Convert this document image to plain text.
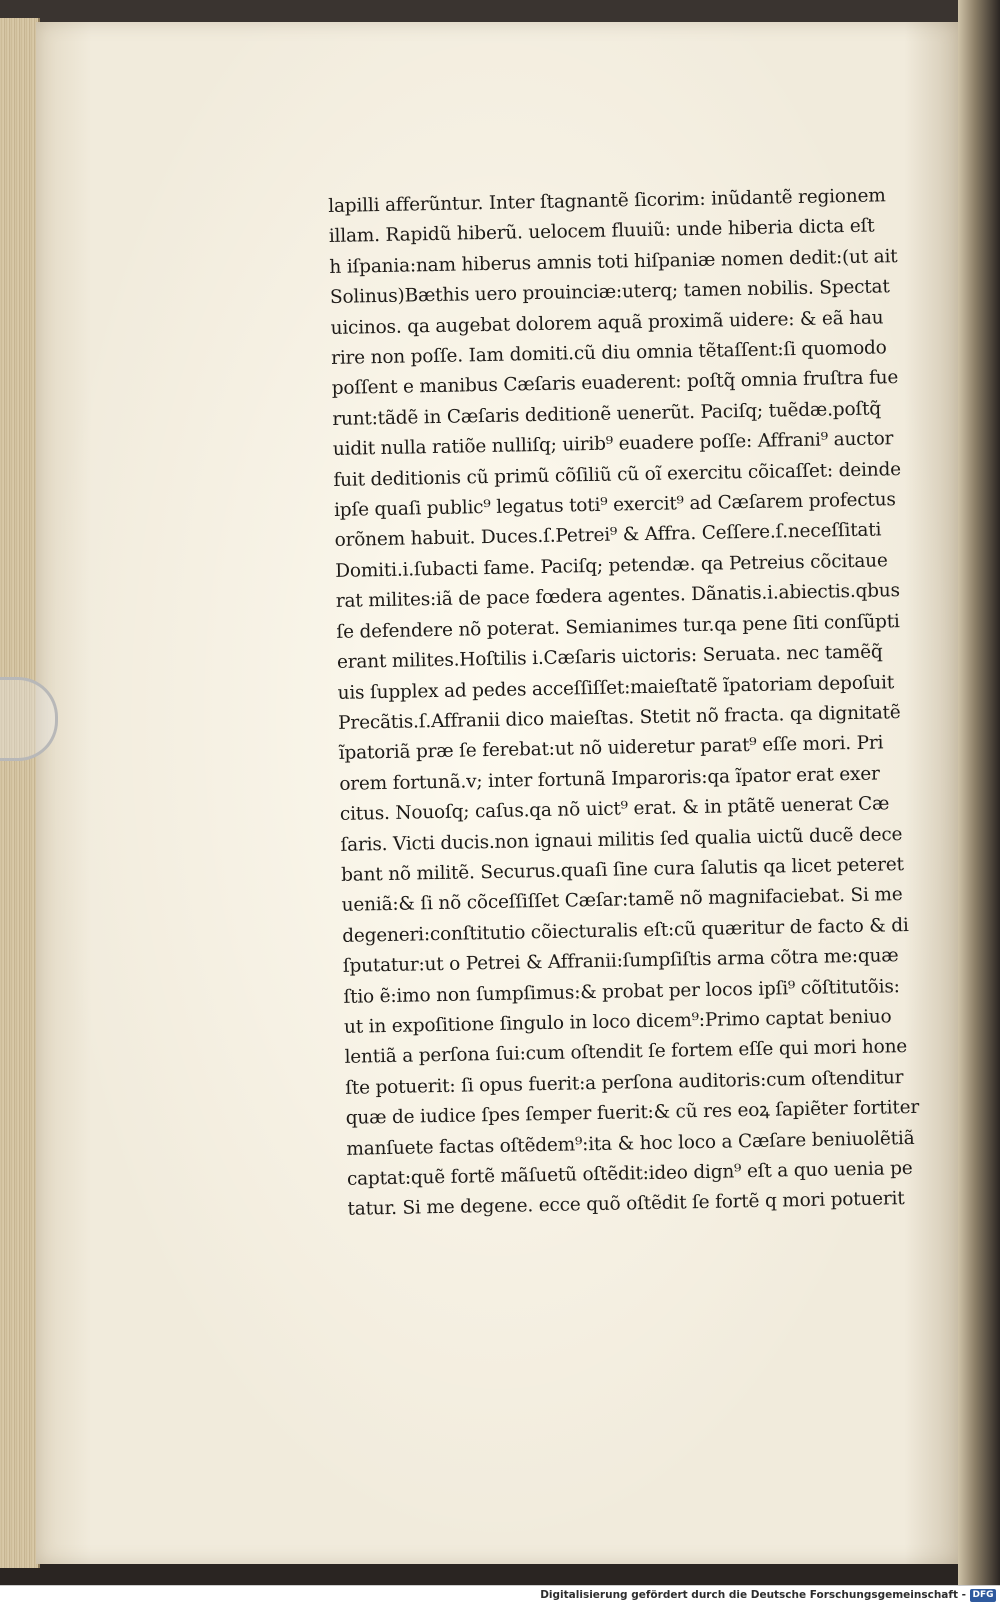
lapilli afferũntur. Inter ſtagnantẽ ſicorim: inũdantẽ regionem
illam. Rapidũ hiberũ. uelocem fluuiũ: unde hiberia dicta eſt
h iſpania:nam hiberus amnis toti hiſpaniæ nomen dedit:(ut ait
Solinus)Bæthis uero prouinciæ:uterq; tamen nobilis. Spectat
uicinos. qa augebat dolorem aquã proximã uidere: & eã hau
rire non poſſe. Iam domiti.cũ diu omnia tẽtaſſent:ſi quomodo
poſſent e manibus Cæſaris euaderent: poſtq̃ omnia fruſtra fue
runt:tãdẽ in Cæſaris deditionẽ uenerũt. Paciſq; tuẽdæ.poſtq̃
uidit nulla ratiõe nulliſq; uirib⁹ euadere poſſe: Affrani⁹ auctor
fuit deditionis cũ primũ cõſiliũ cũ oĩ exercitu cõicaſſet: deinde
ipſe quaſi public⁹ legatus toti⁹ exercit⁹ ad Cæſarem profectus
orõnem habuit. Duces.ſ.Petrei⁹ & Affra. Ceſſere.ſ.neceſſitati
Domiti.i.ſubacti fame. Paciſq; petendæ. qa Petreius cõcitaue
rat milites:iã de pace fœdera agentes. Dãnatis.i.abiectis.qbus
ſe defendere nõ poterat. Semianimes tur.qa pene ſiti conſũpti
erant milites.Hoſtilis i.Cæſaris uictoris: Seruata. nec tamẽq̃
uis ſupplex ad pedes acceſſiſſet:maieſtatẽ ĩpatoriam depoſuit
Precãtis.ſ.Affranii dico maieſtas. Stetit nõ fracta. qa dignitatẽ
ĩpatoriã præ ſe ferebat:ut nõ uideretur parat⁹ eſſe mori. Pri
orem fortunã.v; inter fortunã Imparoris:qa ĩpator erat exer
citus. Nouoſq; caſus.qa nõ uict⁹ erat. & in ptãtẽ uenerat Cæ
ſaris. Victi ducis.non ignaui militis ſed qualia uictũ ducẽ dece
bant nõ militẽ. Securus.quaſi ſine cura ſalutis qa licet peteret
ueniã:& ſi nõ cõceſſiſſet Cæſar:tamẽ nõ magnifaciebat. Si me
degeneri:conſtitutio cõiecturalis eſt:cũ quæritur de facto & di
ſputatur:ut o Petrei & Affranii:ſumpſiſtis arma cõtra me:quæ
ſtio ẽ:imo non ſumpſimus:& probat per locos ipſi⁹ cõſtitutõis:
ut in expoſitione ſingulo in loco dicem⁹:Primo captat beniuo
lentiã a perſona ſui:cum oſtendit ſe fortem eſſe qui mori hone
ſte potuerit: ſi opus fuerit:a perſona auditoris:cum oſtenditur
quæ de iudice ſpes ſemper fuerit:& cũ res eoꝝ ſapiẽter fortiter
manſuete factas oſtẽdem⁹:ita & hoc loco a Cæſare beniuolẽtiã
captat:quẽ fortẽ mãſuetũ oſtẽdit:ideo dign⁹ eſt a quo uenia pe
tatur. Si me degene. ecce quõ oſtẽdit ſe fortẽ q mori potuerit
Digitalisierung gefördert durch die Deutsche Forschungsgemeinschaft - DFG
